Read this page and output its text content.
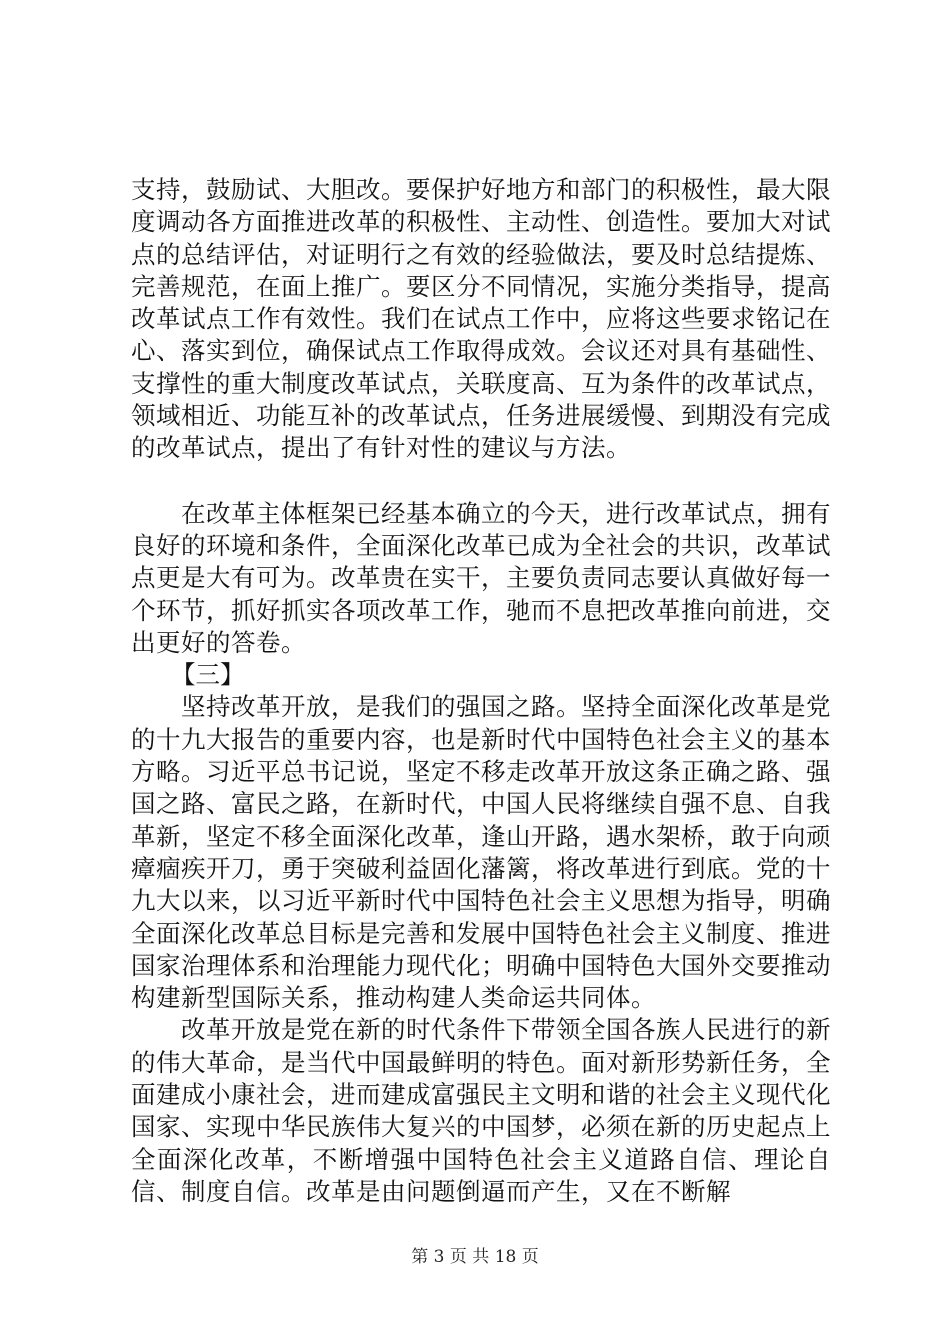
支持，鼓励试、大胆改。要保护好地方和部门的积极性，最大限度调动各方面推进改革的积极性、主动性、创造性。要加大对试点的总结评估，对证明行之有效的经验做法，要及时总结提炼、完善规范，在面上推广。要区分不同情况，实施分类指导，提高改革试点工作有效性。我们在试点工作中，应将这些要求铭记在心、落实到位，确保试点工作取得成效。会议还对具有基础性、支撑性的重大制度改革试点，关联度高、互为条件的改革试点，领域相近、功能互补的改革试点，任务进展缓慢、到期没有完成的改革试点，提出了有针对性的建议与方法。

在改革主体框架已经基本确立的今天，进行改革试点，拥有良好的环境和条件，全面深化改革已成为全社会的共识，改革试点更是大有可为。改革贵在实干，主要负责同志要认真做好每一个环节，抓好抓实各项改革工作，驰而不息把改革推向前进，交出更好的答卷。

【三】

坚持改革开放，是我们的强国之路。坚持全面深化改革是党的十九大报告的重要内容，也是新时代中国特色社会主义的基本方略。习近平总书记说，坚定不移走改革开放这条正确之路、强国之路、富民之路，在新时代，中国人民将继续自强不息、自我革新，坚定不移全面深化改革，逢山开路，遇水架桥，敢于向顽瘴痼疾开刀，勇于突破利益固化藩篱，将改革进行到底。党的十九大以来，以习近平新时代中国特色社会主义思想为指导，明确全面深化改革总目标是完善和发展中国特色社会主义制度、推进国家治理体系和治理能力现代化；明确中国特色大国外交要推动构建新型国际关系，推动构建人类命运共同体。

改革开放是党在新的时代条件下带领全国各族人民进行的新的伟大革命，是当代中国最鲜明的特色。面对新形势新任务，全面建成小康社会，进而建成富强民主文明和谐的社会主义现代化国家、实现中华民族伟大复兴的中国梦，必须在新的历史起点上全面深化改革，不断增强中国特色社会主义道路自信、理论自信、制度自信。改革是由问题倒逼而产生，又在不断解

第 3 页 共 18 页
